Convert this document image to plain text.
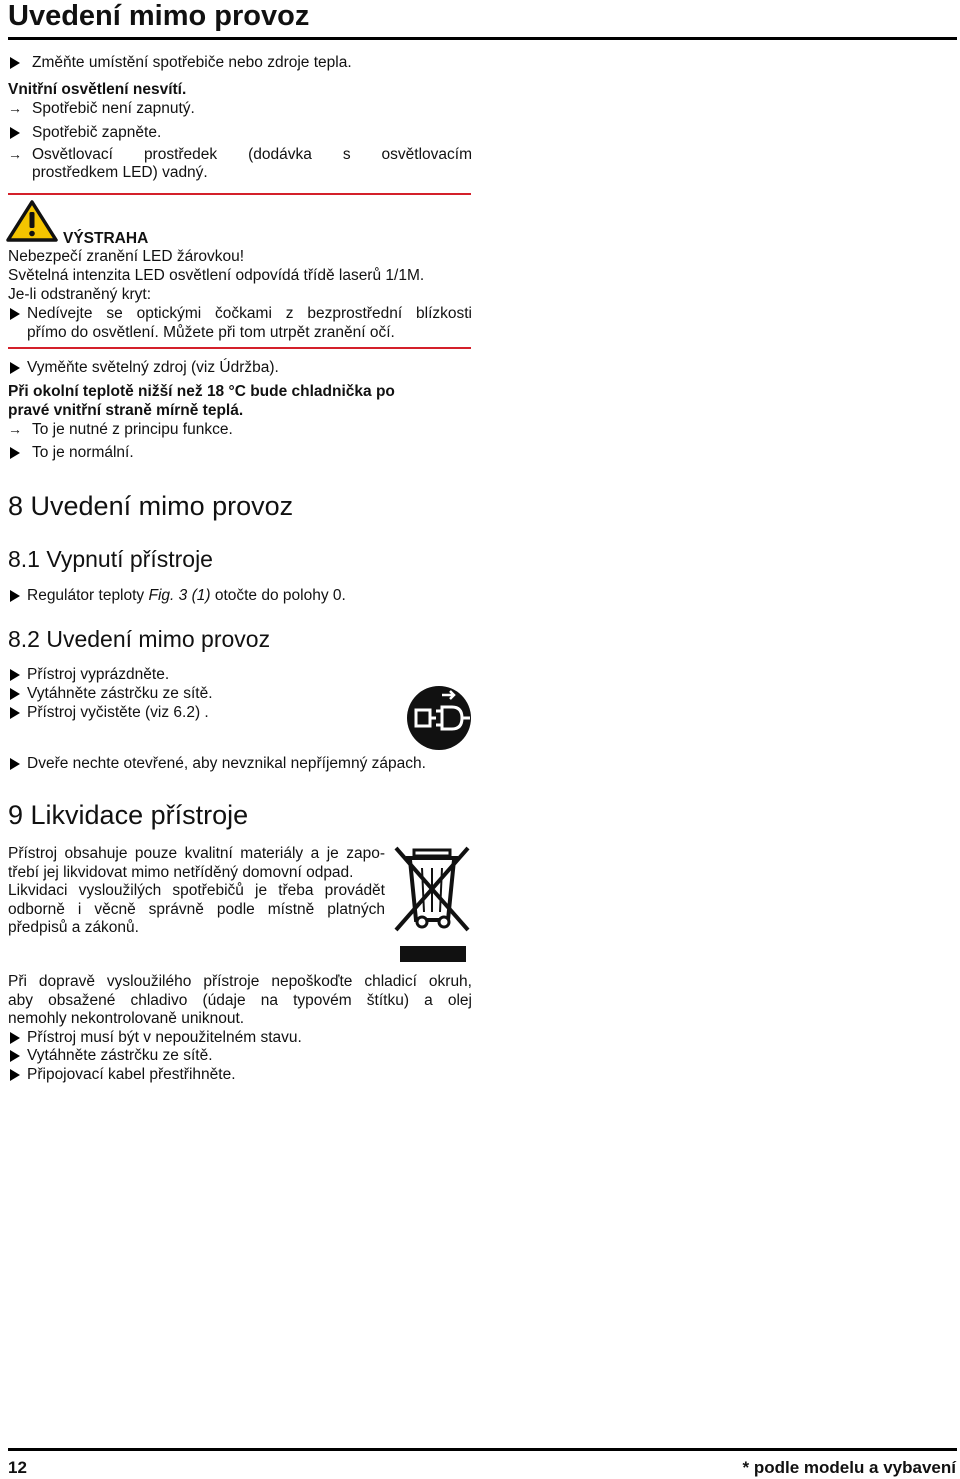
Uvedení mimo provoz
Změňte umístění spotřebiče nebo zdroje tepla.
Vnitřní osvětlení nesvítí.
→ Spotřebič není zapnutý.
Spotřebič zapněte.
→ Osvětlovací prostředek (dodávka s osvětlovacím
prostředkem LED) vadný.
VÝSTRAHA
Nebezpečí zranění LED žárovkou!
Světelná intenzita LED osvětlení odpovídá třídě laserů 1/1M.
Je-li odstraněný kryt:
Nedívejte se optickými čočkami z bezprostřední blízkosti
přímo do osvětlení. Můžete při tom utrpět zranění očí.
Vyměňte světelný zdroj (viz Údržba).
Při okolní teplotě nižší než 18 °C bude chladnička po
pravé vnitřní straně mírně teplá.
→ To je nutné z principu funkce.
To je normální.
8 Uvedení mimo provoz
8.1 Vypnutí přístroje
Regulátor teploty Fig. 3 (1) otočte do polohy 0.
8.2 Uvedení mimo provoz
Přístroj vyprázdněte.
Vytáhněte zástrčku ze sítě.
Přístroj vyčistěte (viz 6.2) .
Dveře nechte otevřené, aby nevznikal nepříjemný zápach.
9 Likvidace přístroje
Přístroj obsahuje pouze kvalitní materiály a je zapo-
třebí jej likvidovat mimo netříděný domovní odpad.
Likvidaci vysloužilých spotřebičů je třeba provádět
odborně i věcně správně podle místně platných
předpisů a zákonů.
Při dopravě vysloužilého přístroje nepoškoďte chladicí okruh,
aby obsažené chladivo (údaje na typovém štítku) a olej
nemohly nekontrolovaně uniknout.
Přístroj musí být v nepoužitelném stavu.
Vytáhněte zástrčku ze sítě.
Připojovací kabel přestřihněte.
12	* podle modelu a vybavení
